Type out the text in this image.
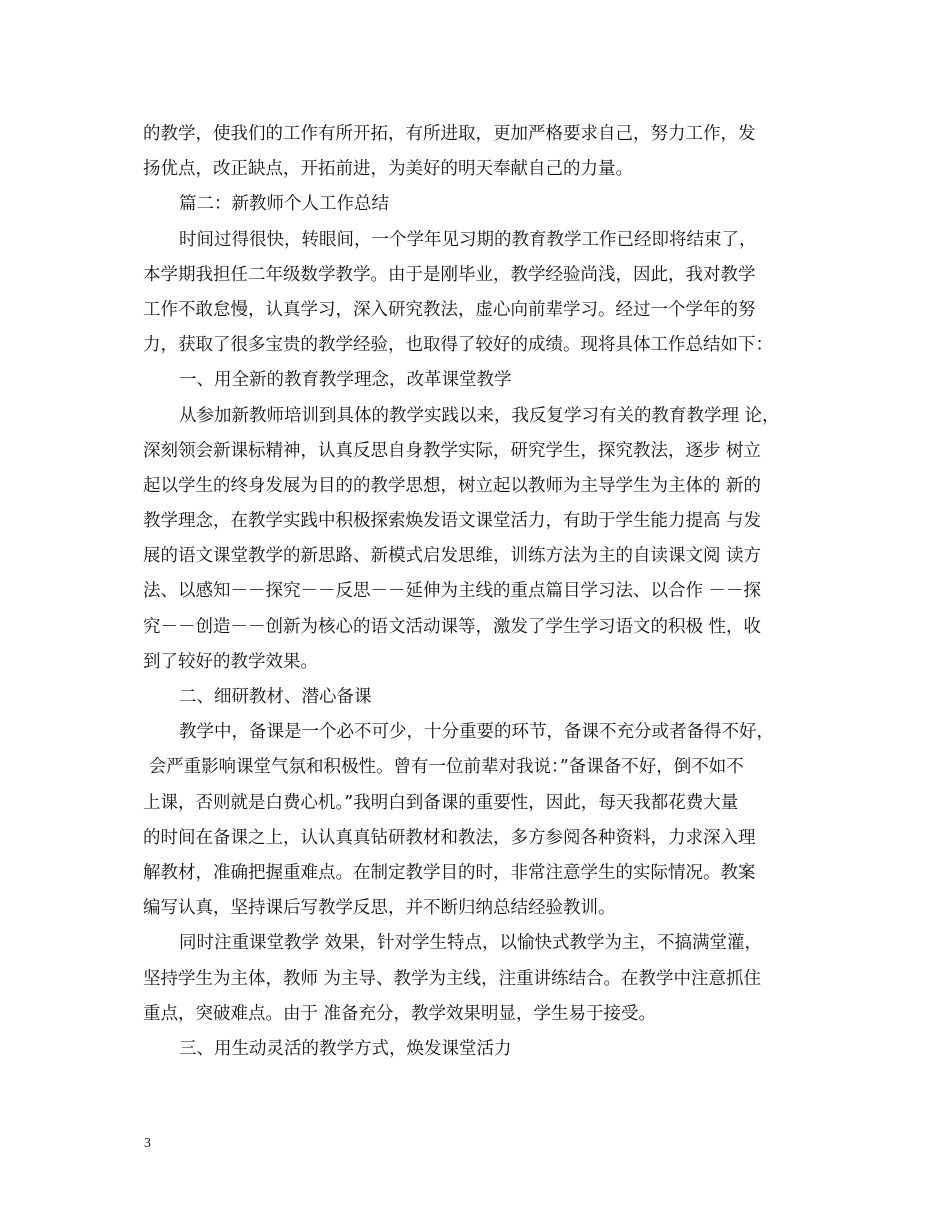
的教学，使我们的工作有所开拓，有所进取，更加严格要求自己，努力工作，发
扬优点，改正缺点，开拓前进，为美好的明天奉献自己的力量。
篇二：新教师个人工作总结
时间过得很快，转眼间，一个学年见习期的教育教学工作已经即将结束了，
本学期我担任二年级数学教学。由于是刚毕业，教学经验尚浅，因此，我对教学
工作不敢怠慢，认真学习，深入研究教法，虚心向前辈学习。经过一个学年的努
力，获取了很多宝贵的教学经验，也取得了较好的成绩。现将具体工作总结如下：
一、用全新的教育教学理念，改革课堂教学
从参加新教师培训到具体的教学实践以来，我反复学习有关的教育教学理 论，
深刻领会新课标精神，认真反思自身教学实际，研究学生，探究教法，逐步 树立
起以学生的终身发展为目的的教学思想，树立起以教师为主导学生为主体的 新的
教学理念，在教学实践中积极探索焕发语文课堂活力，有助于学生能力提高 与发
展的语文课堂教学的新思路、新模式启发思维，训练方法为主的自读课文阅 读方
法、以感知－－探究－－反思－－延伸为主线的重点篇目学习法、以合作 －－探
究－－创造－－创新为核心的语文活动课等，激发了学生学习语文的积极 性，收
到了较好的教学效果。
二、细研教材、潜心备课
教学中，备课是一个必不可少，十分重要的环节，备课不充分或者备得不好，
会严重影响课堂气氛和积极性。曾有一位前辈对我说：”备课备不好，倒不如不
上课，否则就是白费心机。”我明白到备课的重要性，因此，每天我都花费大量
的时间在备课之上，认认真真钻研教材和教法，多方参阅各种资料，力求深入理
解教材，准确把握重难点。在制定教学目的时，非常注意学生的实际情况。教案
编写认真，坚持课后写教学反思，并不断归纳总结经验教训。
同时注重课堂教学 效果，针对学生特点，以愉快式教学为主，不搞满堂灌，
坚持学生为主体，教师 为主导、教学为主线，注重讲练结合。在教学中注意抓住
重点，突破难点。由于 准备充分，教学效果明显，学生易于接受。
三、用生动灵活的教学方式，焕发课堂活力
3
